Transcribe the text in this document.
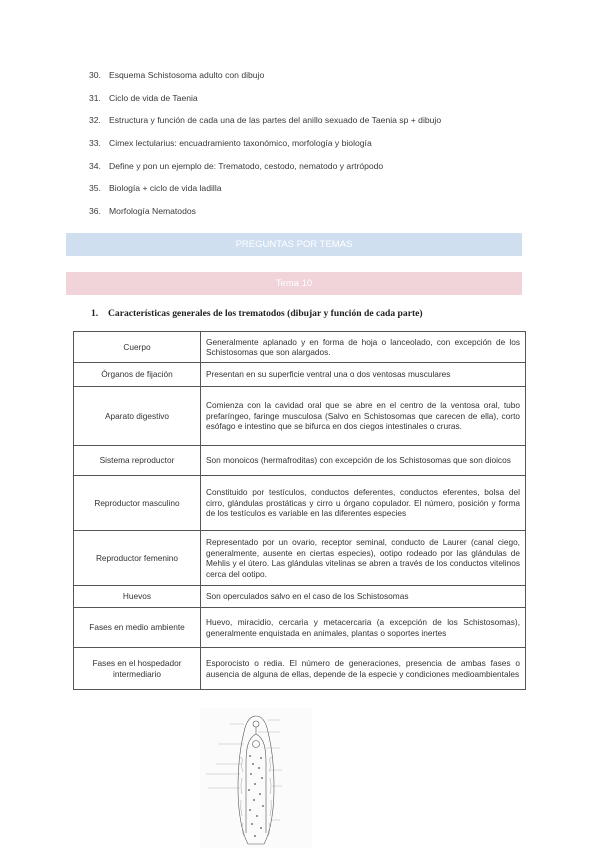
30. Esquema Schistosoma adulto con dibujo
31. Ciclo de vida de Taenia
32. Estructura y función de cada una de las partes del anillo sexuado de Taenia sp + dibujo
33. Cimex lectularius: encuadramiento taxonómico, morfología y biología
34. Define y pon un ejemplo de: Trematodo, cestodo, nematodo y artrópodo
35. Biología + ciclo de vida ladilla
36. Morfología Nematodos
PREGUNTAS POR TEMAS
Tema 10
1. Características generales de los trematodos (dibujar y función de cada parte)
Cuerpo	Generalmente aplanado y en forma de hoja o lanceolado, con excepción de los Schistosomas que son alargados.
Órganos de fijación	Presentan en su superficie ventral una o dos ventosas musculares
Aparato digestivo	Comienza con la cavidad oral que se abre en el centro de la ventosa oral, tubo prefaríngeo, faringe musculosa (Salvo en Schistosomas que carecen de ella), corto esófago e intestino que se bifurca en dos ciegos intestinales o cruras.
Sistema reproductor	Son monoicos (hermafroditas) con excepción de los Schistosomas que son dioicos
Reproductor masculino	Constituido por testículos, conductos deferentes, conductos eferentes, bolsa del cirro, glándulas prostáticas y cirro u órgano copulador. El número, posición y forma de los testículos es variable en las diferentes especies
Reproductor femenino	Representado por un ovario, receptor seminal, conducto de Laurer (canal ciego, generalmente, ausente en ciertas especies), ootipo rodeado por las glándulas de Mehlis y el útero. Las glándulas vitelinas se abren a través de los conductos vitelinos cerca del ootipo.
Huevos	Son operculados salvo en el caso de los Schistosomas
Fases en medio ambiente	Huevo, miracidio, cercaria y metacercaria (a excepción de los Schistosomas), generalmente enquistada en animales, plantas o soportes inertes
Fases en el hospedador intermediario	Esporocisto o redia. El número de generaciones, presencia de ambas fases o ausencia de alguna de ellas, depende de la especie y condiciones medioambientales
